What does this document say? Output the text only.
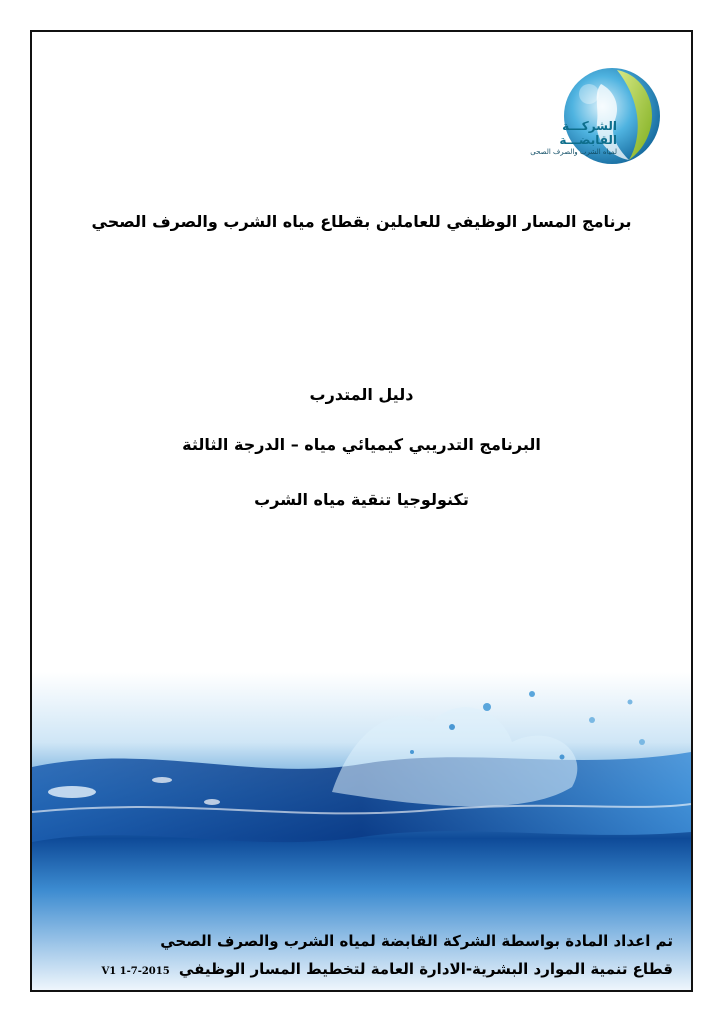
الشركـــة القابضـــة
لمياه الشرب والصرف الصحى
برنامج المسار الوظيفي للعاملين بقطاع مياه الشرب والصرف الصحي
دليل المتدرب
البرنامج التدريبي كيميائي مياه – الدرجة الثالثة
تكنولوجيا تنقية مياه الشرب
تم اعداد المادة بواسطة الشركة القابضة لمياه الشرب والصرف الصحي
قطاع تنمية الموارد البشرية-الادارة العامة لتخطيط المسار الوظيفي V1 1-7-2015
